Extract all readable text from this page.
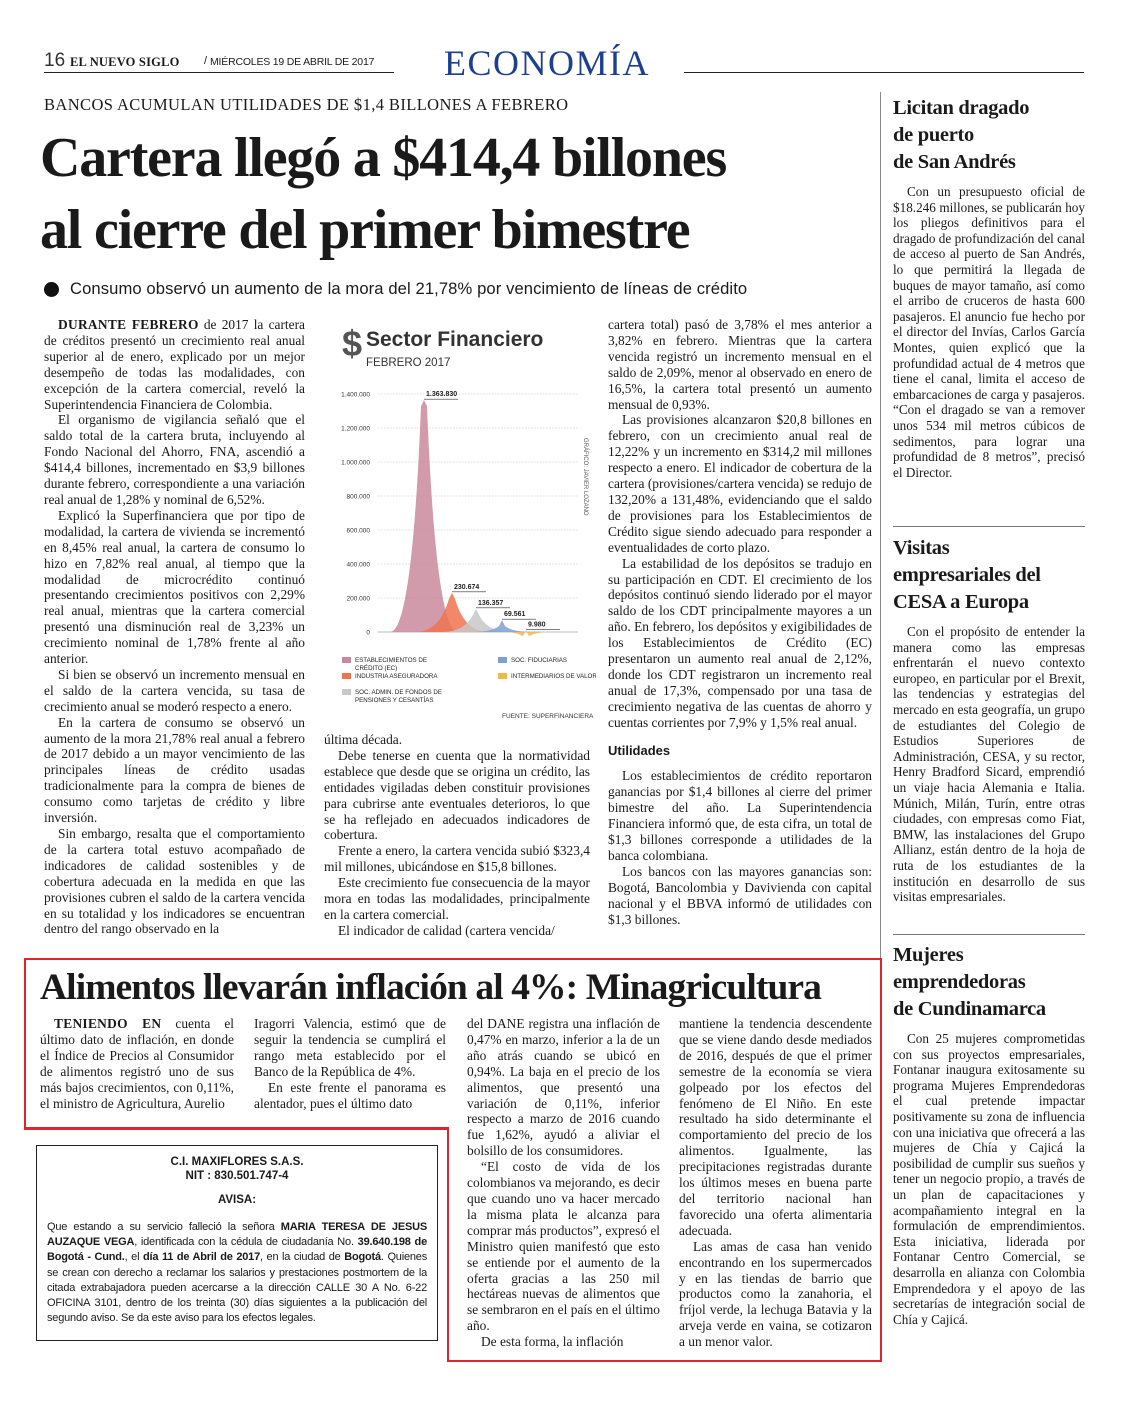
16 EL NUEVO SIGLO / MIÉRCOLES 19 DE ABRIL DE 2017 ECONOMÍA
BANCOS ACUMULAN UTILIDADES DE $1,4 BILLONES A FEBRERO
Cartera llegó a $414,4 billones
al cierre del primer bimestre
Consumo observó un aumento de la mora del 21,78% por vencimiento de líneas de crédito

DURANTE FEBRERO de 2017 la cartera de créditos presentó un crecimiento real anual superior al de enero, explicado por un mejor desempeño de todas las modalidades, con excepción de la cartera comercial, reveló la Superintendencia Financiera de Colombia.

El organismo de vigilancia señaló que el saldo total de la cartera bruta, incluyendo al Fondo Nacional del Ahorro, FNA, ascendió a $414,4 billones, incrementado en $3,9 billones durante febrero, correspondiente a una variación real anual de 1,28% y nominal de 6,52%.

Explicó la Superfinanciera que por tipo de modalidad, la cartera de vivienda se incrementó en 8,45% real anual, la cartera de consumo lo hizo en 7,82% real anual, al tiempo que la modalidad de microcrédito continuó presentando crecimientos positivos con 2,29% real anual, mientras que la cartera comercial presentó una disminución real de 3,23% un crecimiento nominal de 1,78% frente al año anterior.

Si bien se observó un incremento mensual en el saldo de la cartera vencida, su tasa de crecimiento anual se moderó respecto a enero.

En la cartera de consumo se observó un aumento de la mora 21,78% real anual a febrero de 2017 debido a un mayor vencimiento de las principales líneas de crédito usadas tradicionalmente para la compra de bienes de consumo como tarjetas de crédito y libre inversión.

Sin embargo, resalta que el comportamiento de la cartera total estuvo acompañado de indicadores de calidad sostenibles y de cobertura adecuada en la medida en que las provisiones cubren el saldo de la cartera vencida en su totalidad y los indicadores se encuentran dentro del rango observado en la

$ Sector Financiero
FEBRERO 2017
GRÁFICO: JAVIER LOZANO
1.400.000
1.200.000
1.000.000
800.000
600.000
400.000
200.000
0
1.363.830
230.674
136.357
69.561
9.980
ESTABLECIMIENTOS DE
CRÉDITO (EC)
INDUSTRIA ASEGURADORA
SOC. ADMIN. DE FONDOS DE
PENSIONES Y CESANTÍAS
SOC. FIDUCIARIAS
INTERMEDIARIOS DE VALORES
FUENTE: SUPERFINANCIERA

última década.

Debe tenerse en cuenta que la normatividad establece que desde que se origina un crédito, las entidades vigiladas deben constituir provisiones para cubrirse ante eventuales deterioros, lo que se ha reflejado en adecuados indicadores de cobertura.

Frente a enero, la cartera vencida subió $323,4 mil millones, ubicándose en $15,8 billones.

Este crecimiento fue consecuencia de la mayor mora en todas las modalidades, principalmente en la cartera comercial.

El indicador de calidad (cartera vencida/

cartera total) pasó de 3,78% el mes anterior a 3,82% en febrero. Mientras que la cartera vencida registró un incremento mensual en el saldo de 2,09%, menor al observado en enero de 16,5%, la cartera total presentó un aumento mensual de 0,93%.

Las provisiones alcanzaron $20,8 billones en febrero, con un crecimiento anual real de 12,22% y un incremento en $314,2 mil millones respecto a enero. El indicador de cobertura de la cartera (provisiones/cartera vencida) se redujo de 132,20% a 131,48%, evidenciando que el saldo de provisiones para los Establecimientos de Crédito sigue siendo adecuado para responder a eventualidades de corto plazo.

La estabilidad de los depósitos se tradujo en su participación en CDT. El crecimiento de los depósitos continuó siendo liderado por el mayor saldo de los CDT principalmente mayores a un año. En febrero, los depósitos y exigibilidades de los Establecimientos de Crédito (EC) presentaron un aumento real anual de 2,12%, donde los CDT registraron un incremento real anual de 17,3%, compensado por una tasa de crecimiento negativa de las cuentas de ahorro y cuentas corrientes por 7,9% y 1,5% real anual.

Utilidades

Los establecimientos de crédito reportaron ganancias por $1,4 billones al cierre del primer bimestre del año. La Superintendencia Financiera informó que, de esta cifra, un total de $1,3 billones corresponde a utilidades de la banca colombiana.

Los bancos con las mayores ganancias son: Bogotá, Bancolombia y Davivienda con capital nacional y el BBVA informó de utilidades con $1,3 billones.

Licitan dragado
de puerto
de San Andrés

Con un presupuesto oficial de $18.246 millones, se publicarán hoy los pliegos definitivos para el dragado de profundización del canal de acceso al puerto de San Andrés, lo que permitirá la llegada de buques de mayor tamaño, así como el arribo de cruceros de hasta 600 pasajeros. El anuncio fue hecho por el director del Invías, Carlos García Montes, quien explicó que la profundidad actual de 4 metros que tiene el canal, limita el acceso de embarcaciones de carga y pasajeros. “Con el dragado se van a remover unos 534 mil metros cúbicos de sedimentos, para lograr una profundidad de 8 metros”, precisó el Director.

Visitas
empresariales del
CESA a Europa

Con el propósito de entender la manera como las empresas enfrentarán el nuevo contexto europeo, en particular por el Brexit, las tendencias y estrategias del mercado en esta geografía, un grupo de estudiantes del Colegio de Estudios Superiores de Administración, CESA, y su rector, Henry Bradford Sicard, emprendió un viaje hacia Alemania e Italia. Múnich, Milán, Turín, entre otras ciudades, con empresas como Fiat, BMW, las instalaciones del Grupo Allianz, están dentro de la hoja de ruta de los estudiantes de la institución en desarrollo de sus visitas empresariales.

Mujeres
emprendedoras
de Cundinamarca

Con 25 mujeres comprometidas con sus proyectos empresariales, Fontanar inaugura exitosamente su programa Mujeres Emprendedoras el cual pretende impactar positivamente su zona de influencia con una iniciativa que ofrecerá a las mujeres de Chía y Cajicá la posibilidad de cumplir sus sueños y tener un negocio propio, a través de un plan de capacitaciones y acompañamiento integral en la formulación de emprendimientos. Esta iniciativa, liderada por Fontanar Centro Comercial, se desarrolla en alianza con Colombia Emprendedora y el apoyo de las secretarías de integración social de Chía y Cajicá.

Alimentos llevarán inflación al 4%: Minagricultura

TENIENDO EN cuenta el último dato de inflación, en donde el Índice de Precios al Consumidor de alimentos registró uno de sus más bajos crecimientos, con 0,11%, el ministro de Agricultura, Aurelio

Iragorri Valencia, estimó que de seguir la tendencia se cumplirá el rango meta establecido por el Banco de la República de 4%.

En este frente el panorama es alentador, pues el último dato

del DANE registra una inflación de 0,47% en marzo, inferior a la de un año atrás cuando se ubicó en 0,94%. La baja en el precio de los alimentos, que presentó una variación de 0,11%, inferior respecto a marzo de 2016 cuando fue 1,62%, ayudó a aliviar el bolsillo de los consumidores.

“El costo de vida de los colombianos va mejorando, es decir que cuando uno va hacer mercado la misma plata le alcanza para comprar más productos”, expresó el Ministro quien manifestó que esto se entiende por el aumento de la oferta gracias a las 250 mil hectáreas nuevas de alimentos que se sembraron en el país en el último año.

De esta forma, la inflación

mantiene la tendencia descendente que se viene dando desde mediados de 2016, después de que el primer semestre de la economía se viera golpeado por los efectos del fenómeno de El Niño. En este resultado ha sido determinante el comportamiento del precio de los alimentos. Igualmente, las precipitaciones registradas durante los últimos meses en buena parte del territorio nacional han favorecido una oferta alimentaria adecuada.

Las amas de casa han venido encontrando en los supermercados y en las tiendas de barrio que productos como la zanahoria, el fríjol verde, la lechuga Batavia y la arveja verde en vaina, se cotizaron a un menor valor.

C.I. MAXIFLORES S.A.S.
NIT : 830.501.747-4
AVISA:

Que estando a su servicio falleció la señora MARIA TERESA DE JESUS AUZAQUE VEGA, identificada con la cédula de ciudadanía No. 39.640.198 de Bogotá - Cund., el día 11 de Abril de 2017, en la ciudad de Bogotá. Quienes se crean con derecho a reclamar los salarios y prestaciones postmortem de la citada extrabajadora pueden acercarse a la dirección CALLE 30 A No. 6-22 OFICINA 3101, dentro de los treinta (30) días siguientes a la publicación del segundo aviso. Se da este aviso para los efectos legales.
